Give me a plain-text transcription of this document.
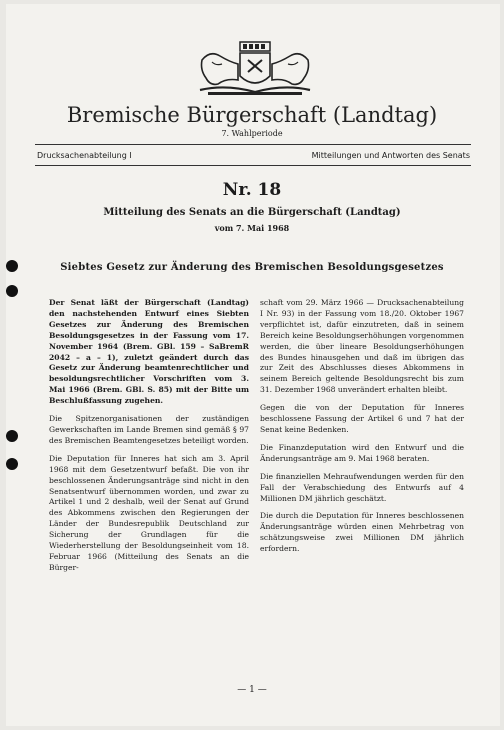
Bremische Bürgerschaft (Landtag)
7. Wahlperiode
Drucksachenabteilung I	Mitteilungen und Antworten des Senats
Nr. 18
Mitteilung des Senats an die Bürgerschaft (Landtag)
vom 7. Mai 1968
Siebtes Gesetz zur Änderung des Bremischen Besoldungsgesetzes

Der Senat läßt der Bürgerschaft (Landtag) den nachstehenden Entwurf eines Siebten Gesetzes zur Änderung des Bremischen Besoldungsgesetzes in der Fassung vom 17. November 1964 (Brem. GBl. 159 – SaBremR 2042 – a – 1), zuletzt geändert durch das Gesetz zur Änderung beamtenrechtlicher und besoldungsrechtlicher Vorschriften vom 3. Mai 1966 (Brem. GBl. S. 85) mit der Bitte um Beschlußfassung zugehen.

Die Spitzenorganisationen der zuständigen Gewerkschaften im Lande Bremen sind gemäß § 97 des Bremischen Beamtengesetzes beteiligt worden.

Die Deputation für Inneres hat sich am 3. April 1968 mit dem Gesetzentwurf befaßt. Die von ihr beschlossenen Änderungsanträge sind nicht in den Senatsentwurf übernommen worden, und zwar zu Artikel 1 und 2 deshalb, weil der Senat auf Grund des Abkommens zwischen den Regierungen der Länder der Bundesrepublik Deutschland zur Sicherung der Grundlagen für die Wiederherstellung der Besoldungseinheit vom 18. Februar 1966 (Mitteilung des Senats an die Bürger-

schaft vom 29. März 1966 — Drucksachenabteilung I Nr. 93) in der Fassung vom 18./20. Oktober 1967 verpflichtet ist, dafür einzutreten, daß in seinem Bereich keine Besoldungserhöhungen vorgenommen werden, die über lineare Besoldungserhöhungen des Bundes hinausgehen und daß im übrigen das zur Zeit des Abschlusses dieses Abkommens in seinem Bereich geltende Besoldungsrecht bis zum 31. Dezember 1968 unverändert erhalten bleibt.

Gegen die von der Deputation für Inneres beschlossene Fassung der Artikel 6 und 7 hat der Senat keine Bedenken.

Die Finanzdeputation wird den Entwurf und die Änderungsanträge am 9. Mai 1968 beraten.

Die finanziellen Mehraufwendungen werden für den Fall der Verabschiedung des Entwurfs auf 4 Millionen DM jährlich geschätzt.

Die durch die Deputation für Inneres beschlossenen Änderungsanträge würden einen Mehrbetrag von schätzungsweise zwei Millionen DM jährlich erfordern.

— 1 —
